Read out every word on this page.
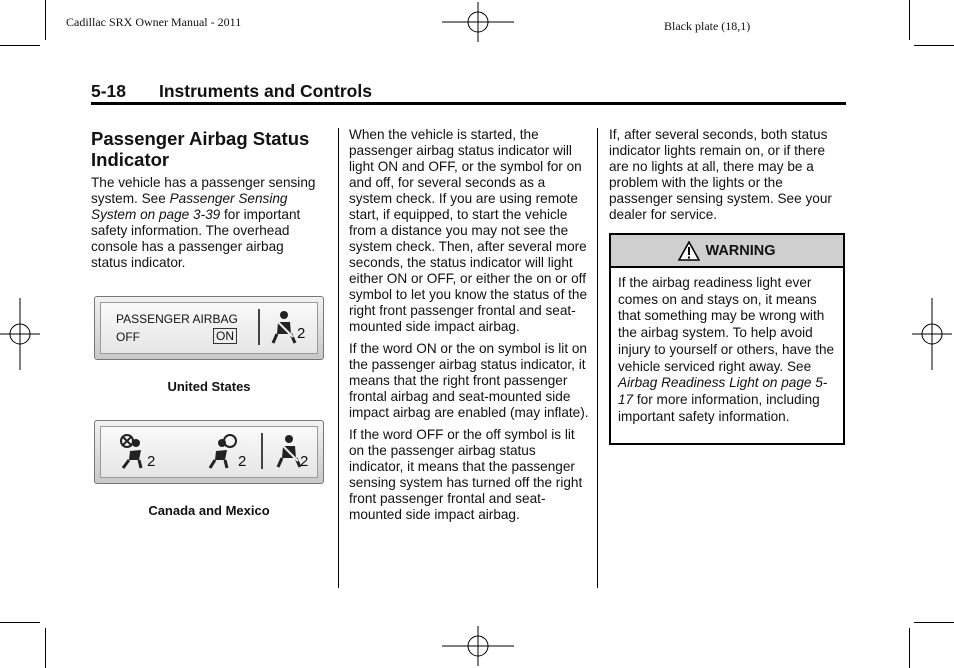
Cadillac SRX Owner Manual - 2011	Black plate (18,1)
5-18 Instruments and Controls
Passenger Airbag Status
Indicator

The vehicle has a passenger sensing system. See Passenger Sensing System on page 3-39 for important safety information. The overhead console has a passenger airbag status indicator.

PASSENGER AIRBAG
OFF	ON	2
United States
2	2	2
Canada and Mexico

When the vehicle is started, the passenger airbag status indicator will light ON and OFF, or the symbol for on and off, for several seconds as a system check. If you are using remote start, if equipped, to start the vehicle from a distance you may not see the system check. Then, after several more seconds, the status indicator will light either ON or OFF, or either the on or off symbol to let you know the status of the right front passenger frontal and seat-mounted side impact airbag.

If the word ON or the on symbol is lit on the passenger airbag status indicator, it means that the right front passenger frontal airbag and seat-mounted side impact airbag are enabled (may inflate).

If the word OFF or the off symbol is lit on the passenger airbag status indicator, it means that the passenger sensing system has turned off the right front passenger frontal and seat-mounted side impact airbag.

If, after several seconds, both status indicator lights remain on, or if there are no lights at all, there may be a problem with the lights or the passenger sensing system. See your dealer for service.

WARNING
If the airbag readiness light ever comes on and stays on, it means that something may be wrong with the airbag system. To help avoid injury to yourself or others, have the vehicle serviced right away. See Airbag Readiness Light on page 5-17 for more information, including important safety information.
